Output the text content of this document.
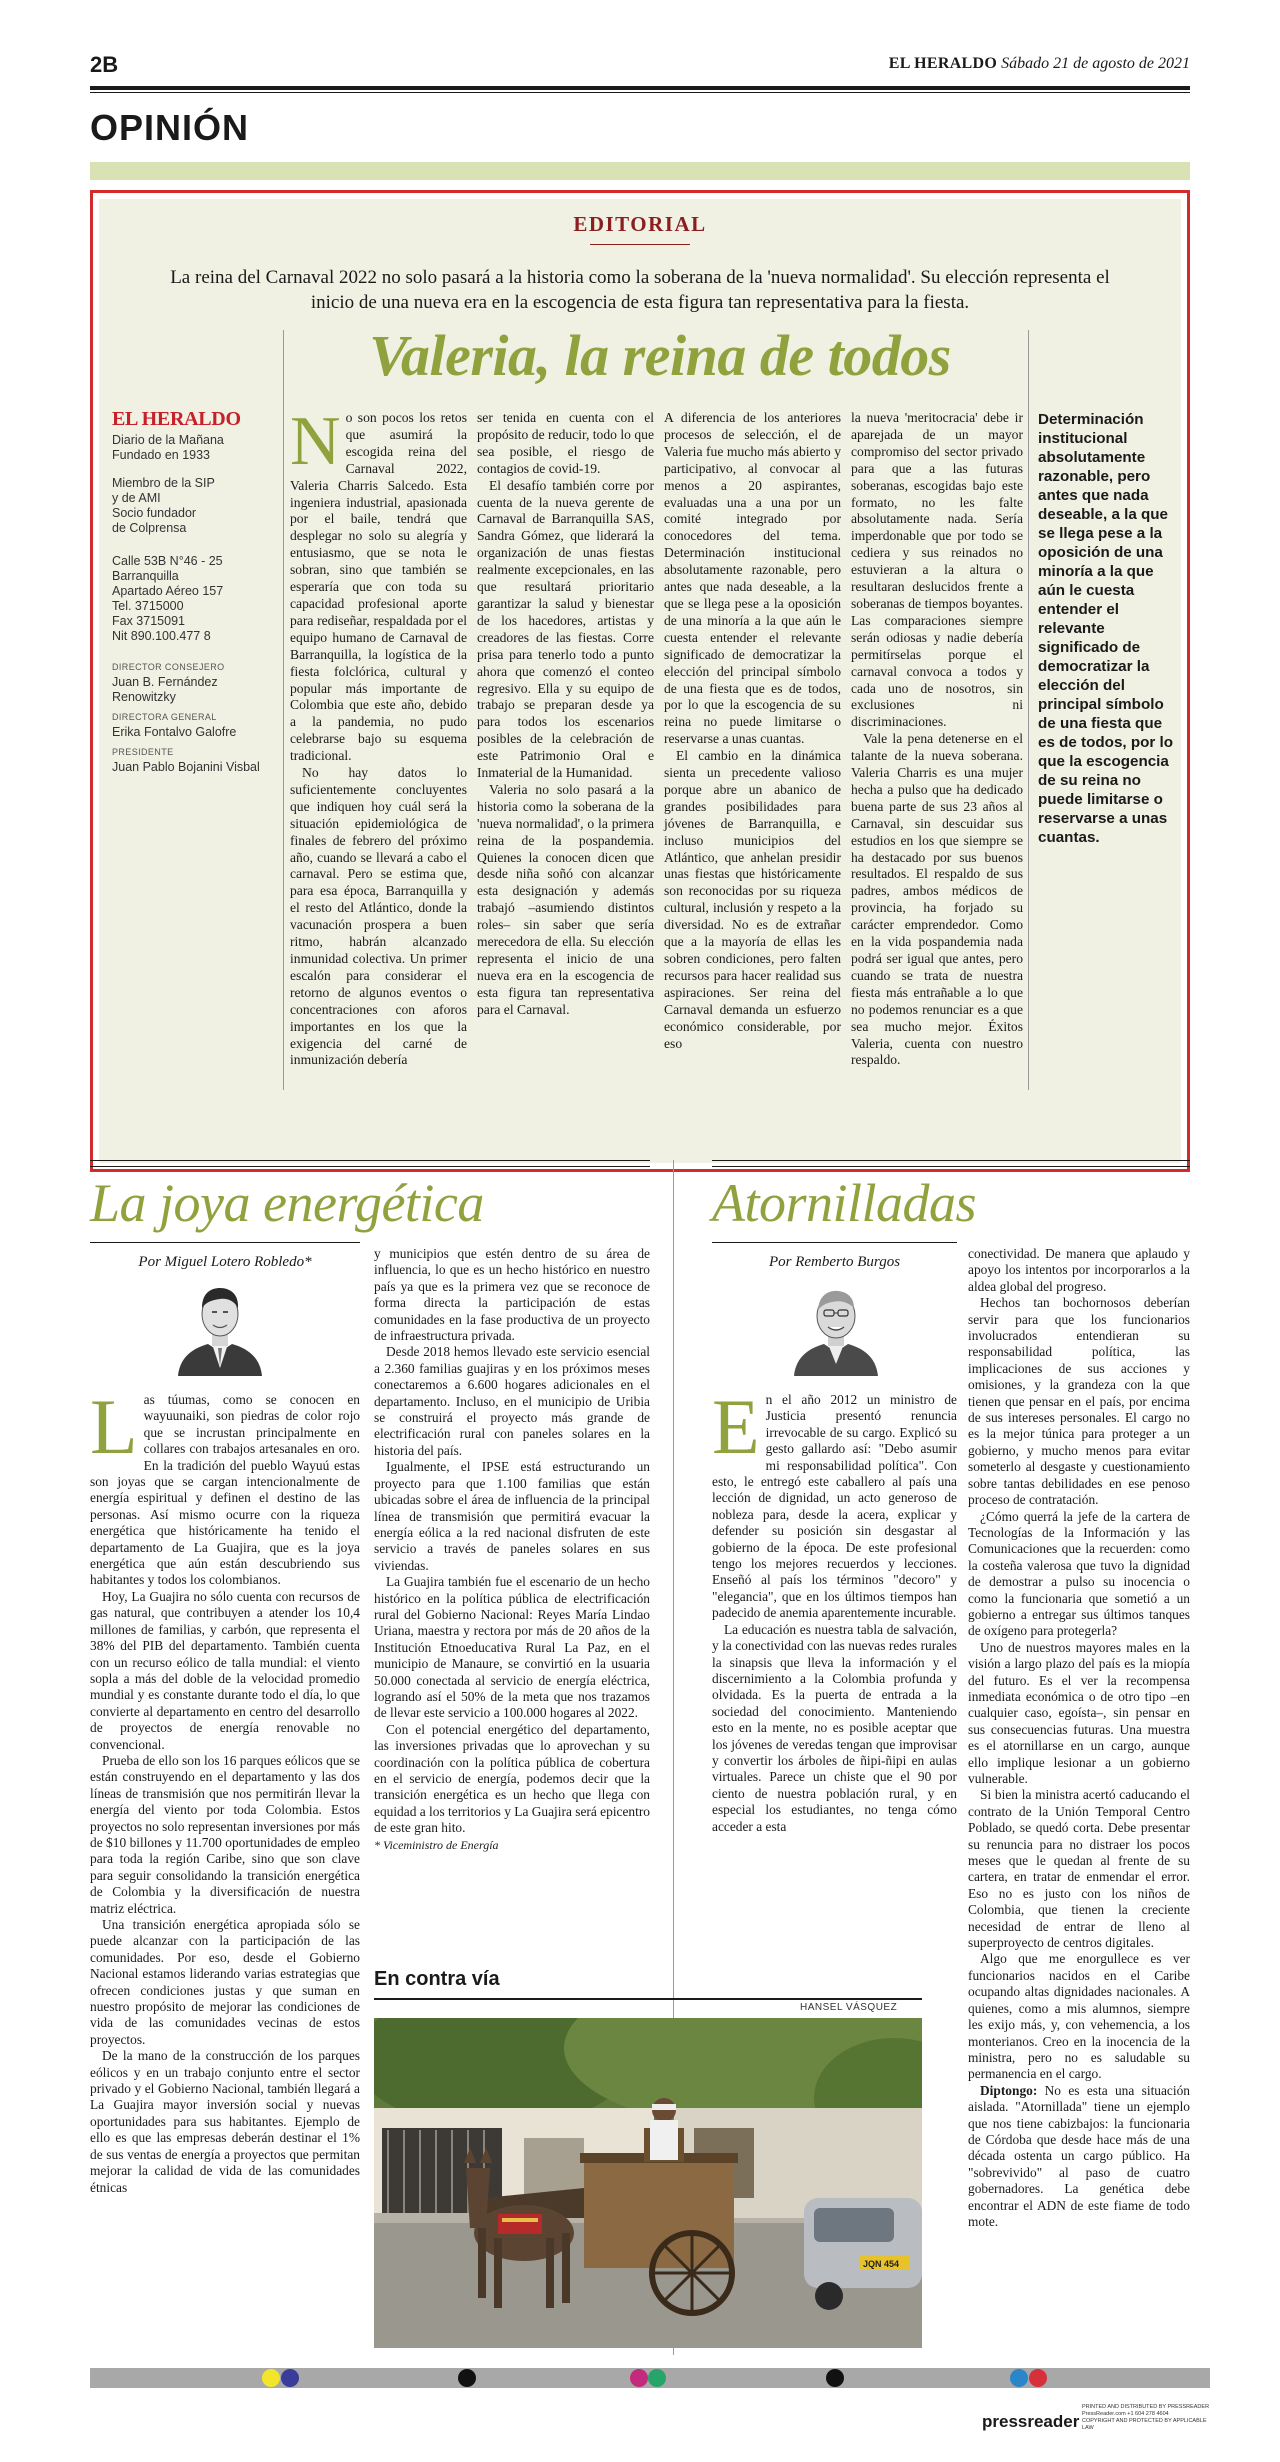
2B	EL HERALDO Sábado 21 de agosto de 2021
OPINIÓN
EDITORIAL
La reina del Carnaval 2022 no solo pasará a la historia como la soberana de la 'nueva normalidad'. Su elección representa el inicio de una nueva era en la escogencia de esta figura tan representativa para la fiesta.
Valeria, la reina de todos
EL HERALDO
Diario de la Mañana
Fundado en 1933
Miembro de la SIP
y de AMI
Socio fundador
de Colprensa
Calle 53B N°46 - 25
Barranquilla
Apartado Aéreo 157
Tel. 3715000
Fax 3715091
Nit 890.100.477 8
DIRECTOR CONSEJERO
Juan B. Fernández Renowitzky
DIRECTORA GENERAL
Erika Fontalvo Galofre
PRESIDENTE
Juan Pablo Bojanini Visbal

No son pocos los retos que asumirá la escogida reina del Carnaval 2022, Valeria Charris Salcedo. Esta ingeniera industrial, apasionada por el baile, tendrá que desplegar no solo su alegría y entusiasmo, que se nota le sobran, sino que también se esperaría que con toda su capacidad profesional aporte para rediseñar, respaldada por el equipo humano de Carnaval de Barranquilla, la logística de la fiesta folclórica, cultural y popular más importante de Colombia que este año, debido a la pandemia, no pudo celebrarse bajo su esquema tradicional.

No hay datos lo suficientemente concluyentes que indiquen hoy cuál será la situación epidemiológica de finales de febrero del próximo año, cuando se llevará a cabo el carnaval. Pero se estima que, para esa época, Barranquilla y el resto del Atlántico, donde la vacunación prospera a buen ritmo, habrán alcanzado inmunidad colectiva. Un primer escalón para considerar el retorno de algunos eventos o concentraciones con aforos importantes en los que la exigencia del carné de inmunización debería

ser tenida en cuenta con el propósito de reducir, todo lo que sea posible, el riesgo de contagios de covid-19.

El desafío también corre por cuenta de la nueva gerente de Carnaval de Barranquilla SAS, Sandra Gómez, que liderará la organización de unas fiestas realmente excepcionales, en las que resultará prioritario garantizar la salud y bienestar de los hacedores, artistas y creadores de las fiestas. Corre prisa para tenerlo todo a punto ahora que comenzó el conteo regresivo. Ella y su equipo de trabajo se preparan desde ya para todos los escenarios posibles de la celebración de este Patrimonio Oral e Inmaterial de la Humanidad.

Valeria no solo pasará a la historia como la soberana de la 'nueva normalidad', o la primera reina de la pospandemia. Quienes la conocen dicen que desde niña soñó con alcanzar esta designación y además trabajó –asumiendo distintos roles– sin saber que sería merecedora de ella. Su elección representa el inicio de una nueva era en la escogencia de esta figura tan representativa para el Carnaval.

A diferencia de los anteriores procesos de selección, el de Valeria fue mucho más abierto y participativo, al convocar al menos a 20 aspirantes, evaluadas una a una por un comité integrado por conocedores del tema. Determinación institucional absolutamente razonable, pero antes que nada deseable, a la que se llega pese a la oposición de una minoría a la que aún le cuesta entender el relevante significado de democratizar la elección del principal símbolo de una fiesta que es de todos, por lo que la escogencia de su reina no puede limitarse o reservarse a unas cuantas.

El cambio en la dinámica sienta un precedente valioso porque abre un abanico de grandes posibilidades para jóvenes de Barranquilla, e incluso municipios del Atlántico, que anhelan presidir unas fiestas que históricamente son reconocidas por su riqueza cultural, inclusión y respeto a la diversidad. No es de extrañar que a la mayoría de ellas les sobren condiciones, pero falten recursos para hacer realidad sus aspiraciones. Ser reina del Carnaval demanda un esfuerzo económico considerable, por eso

la nueva 'meritocracia' debe ir aparejada de un mayor compromiso del sector privado para que a las futuras soberanas, escogidas bajo este formato, no les falte absolutamente nada. Sería imperdonable que por todo se cediera y sus reinados no estuvieran a la altura o resultaran deslucidos frente a soberanas de tiempos boyantes. Las comparaciones siempre serán odiosas y nadie debería permitírselas porque el carnaval convoca a todos y cada uno de nosotros, sin exclusiones ni discriminaciones.

Vale la pena detenerse en el talante de la nueva soberana. Valeria Charris es una mujer hecha a pulso que ha dedicado buena parte de sus 23 años al Carnaval, sin descuidar sus estudios en los que siempre se ha destacado por sus buenos resultados. El respaldo de sus padres, ambos médicos de provincia, ha forjado su carácter emprendedor. Como en la vida pospandemia nada podrá ser igual que antes, pero cuando se trata de nuestra fiesta más entrañable a lo que no podemos renunciar es a que sea mucho mejor. Éxitos Valeria, cuenta con nuestro respaldo.

Determinación institucional absolutamente razonable, pero antes que nada deseable, a la que se llega pese a la oposición de una minoría a la que aún le cuesta entender el relevante significado de democratizar la elección del principal símbolo de una fiesta que es de todos, por lo que la escogencia de su reina no puede limitarse o reservarse a unas cuantas.
La joya energética
Por Miguel Lotero Robledo*

Las túumas, como se conocen en wayuunaiki, son piedras de color rojo que se incrustan principalmente en collares con trabajos artesanales en oro. En la tradición del pueblo Wayuú estas son joyas que se cargan intencionalmente de energía espiritual y definen el destino de las personas. Así mismo ocurre con la riqueza energética que históricamente ha tenido el departamento de La Guajira, que es la joya energética que aún están descubriendo sus habitantes y todos los colombianos.

Hoy, La Guajira no sólo cuenta con recursos de gas natural, que contribuyen a atender los 10,4 millones de familias, y carbón, que representa el 38% del PIB del departamento. También cuenta con un recurso eólico de talla mundial: el viento sopla a más del doble de la velocidad promedio mundial y es constante durante todo el día, lo que convierte al departamento en centro del desarrollo de proyectos de energía renovable no convencional.

Prueba de ello son los 16 parques eólicos que se están construyendo en el departamento y las dos líneas de transmisión que nos permitirán llevar la energía del viento por toda Colombia. Estos proyectos no solo representan inversiones por más de $10 billones y 11.700 oportunidades de empleo para toda la región Caribe, sino que son clave para seguir consolidando la transición energética de Colombia y la diversificación de nuestra matriz eléctrica.

Una transición energética apropiada sólo se puede alcanzar con la participación de las comunidades. Por eso, desde el Gobierno Nacional estamos liderando varias estrategias que ofrecen condiciones justas y que suman en nuestro propósito de mejorar las condiciones de vida de las comunidades vecinas de estos proyectos.

De la mano de la construcción de los parques eólicos y en un trabajo conjunto entre el sector privado y el Gobierno Nacional, también llegará a La Guajira mayor inversión social y nuevas oportunidades para sus habitantes. Ejemplo de ello es que las empresas deberán destinar el 1% de sus ventas de energía a proyectos que permitan mejorar la calidad de vida de las comunidades étnicas

y municipios que estén dentro de su área de influencia, lo que es un hecho histórico en nuestro país ya que es la primera vez que se reconoce de forma directa la participación de estas comunidades en la fase productiva de un proyecto de infraestructura privada.

Desde 2018 hemos llevado este servicio esencial a 2.360 familias guajiras y en los próximos meses conectaremos a 6.600 hogares adicionales en el departamento. Incluso, en el municipio de Uribia se construirá el proyecto más grande de electrificación rural con paneles solares en la historia del país.

Igualmente, el IPSE está estructurando un proyecto para que 1.100 familias que están ubicadas sobre el área de influencia de la principal línea de transmisión que permitirá evacuar la energía eólica a la red nacional disfruten de este servicio a través de paneles solares en sus viviendas.

La Guajira también fue el escenario de un hecho histórico en la política pública de electrificación rural del Gobierno Nacional: Reyes María Lindao Uriana, maestra y rectora por más de 20 años de la Institución Etnoeducativa Rural La Paz, en el municipio de Manaure, se convirtió en la usuaria 50.000 conectada al servicio de energía eléctrica, logrando así el 50% de la meta que nos trazamos de llevar este servicio a 100.000 hogares al 2022.

Con el potencial energético del departamento, las inversiones privadas que lo aprovechan y su coordinación con la política pública de cobertura en el servicio de energía, podemos decir que la transición energética es un hecho que llega con equidad a los territorios y La Guajira será epicentro de este gran hito.

* Viceministro de Energía

Atornilladas
Por Remberto Burgos

En el año 2012 un ministro de Justicia presentó renuncia irrevocable de su cargo. Explicó su gesto gallardo así: "Debo asumir mi responsabilidad política". Con esto, le entregó este caballero al país una lección de dignidad, un acto generoso de nobleza para, desde la acera, explicar y defender su posición sin desgastar al gobierno de la época. De este profesional tengo los mejores recuerdos y lecciones. Enseñó al país los términos "decoro" y "elegancia", que en los últimos tiempos han padecido de anemia aparentemente incurable.

La educación es nuestra tabla de salvación, y la conectividad con las nuevas redes rurales la sinapsis que lleva la información y el discernimiento a la Colombia profunda y olvidada. Es la puerta de entrada a la sociedad del conocimiento. Manteniendo esto en la mente, no es posible aceptar que los jóvenes de veredas tengan que improvisar y convertir los árboles de ñipi-ñipi en aulas virtuales. Parece un chiste que el 90 por ciento de nuestra población rural, y en especial los estudiantes, no tenga cómo acceder a esta

conectividad. De manera que aplaudo y apoyo los intentos por incorporarlos a la aldea global del progreso.

Hechos tan bochornosos deberían servir para que los funcionarios involucrados entendieran su responsabilidad política, las implicaciones de sus acciones y omisiones, y la grandeza con la que tienen que pensar en el país, por encima de sus intereses personales. El cargo no es la mejor túnica para proteger a un gobierno, y mucho menos para evitar someterlo al desgaste y cuestionamiento sobre tantas debilidades en ese penoso proceso de contratación.

¿Cómo querrá la jefe de la cartera de Tecnologías de la Información y las Comunicaciones que la recuerden: como la costeña valerosa que tuvo la dignidad de demostrar a pulso su inocencia o como la funcionaria que sometió a un gobierno a entregar sus últimos tanques de oxígeno para protegerla?

Uno de nuestros mayores males en la visión a largo plazo del país es la miopía del futuro. Es el ver la recompensa inmediata económica o de otro tipo –en cualquier caso, egoísta–, sin pensar en sus consecuencias futuras. Una muestra es el atornillarse en un cargo, aunque ello implique lesionar a un gobierno vulnerable.

Si bien la ministra acertó caducando el contrato de la Unión Temporal Centro Poblado, se quedó corta. Debe presentar su renuncia para no distraer los pocos meses que le quedan al frente de su cartera, en tratar de enmendar el error. Eso no es justo con los niños de Colombia, que tienen la creciente necesidad de entrar de lleno al superproyecto de centros digitales.

Algo que me enorgullece es ver funcionarios nacidos en el Caribe ocupando altas dignidades nacionales. A quienes, como a mis alumnos, siempre les exijo más, y, con vehemencia, a los monterianos. Creo en la inocencia de la ministra, pero no es saludable su permanencia en el cargo.

Diptongo: No es esta una situación aislada. "Atornillada" tiene un ejemplo que nos tiene cabizbajos: la funcionaria de Córdoba que desde hace más de una década ostenta un cargo público. Ha "sobrevivido" al paso de cuatro gobernadores. La genética debe encontrar el ADN de este fiame de todo mote.

En contra vía
HANSEL VÁSQUEZ
JQN 454
pressreader
PRINTED AND DISTRIBUTED BY PRESSREADER
PressReader.com +1 604 278 4604
COPYRIGHT AND PROTECTED BY APPLICABLE LAW
